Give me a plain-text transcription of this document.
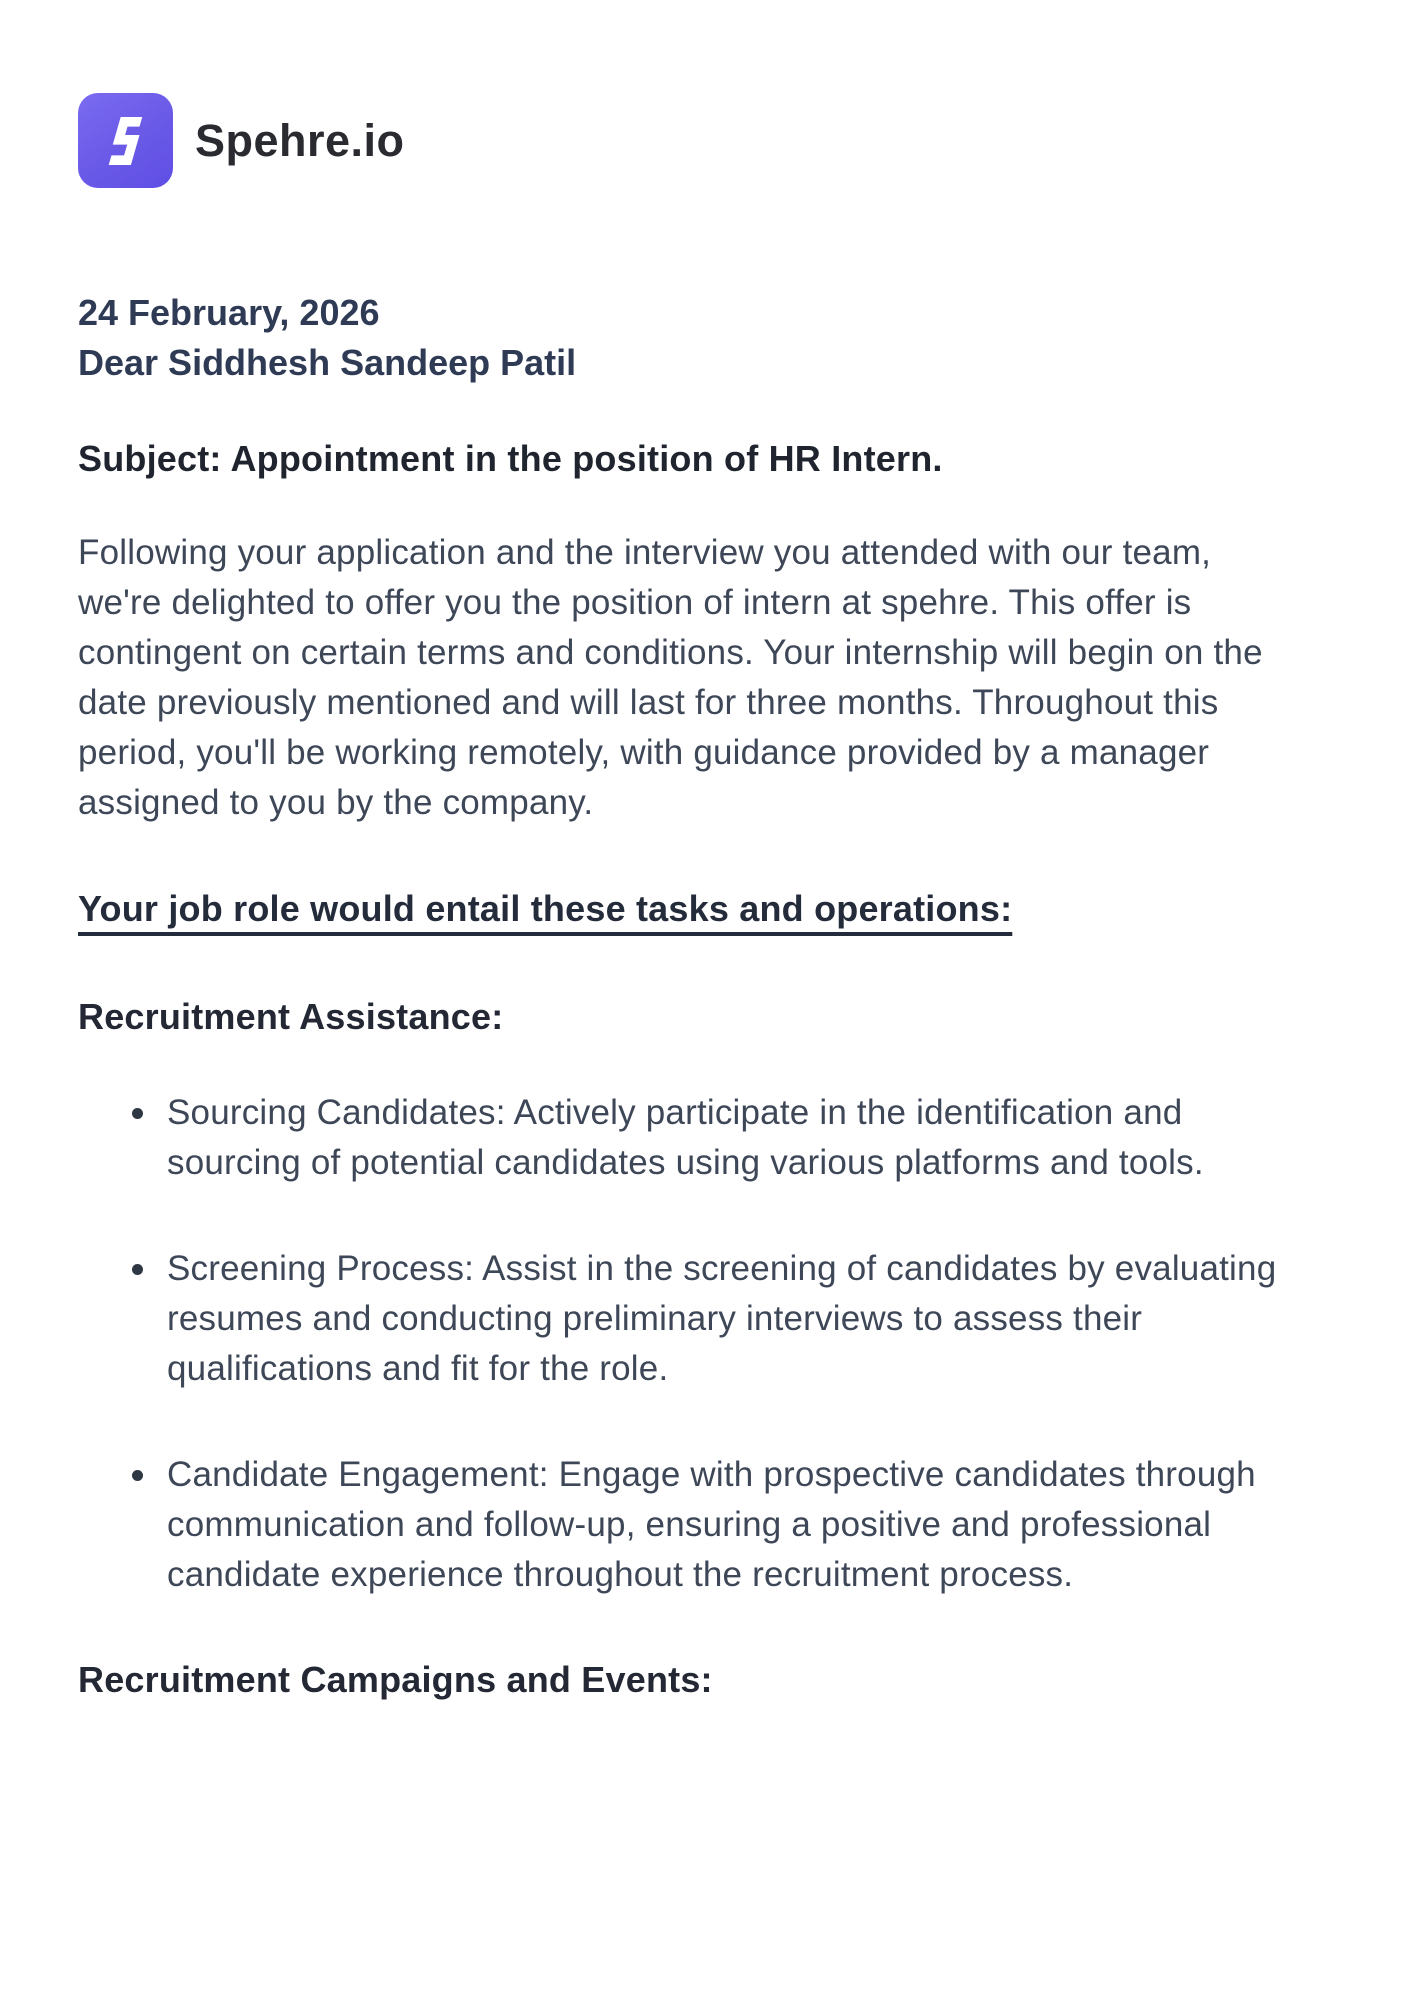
Spehre.io
24 February, 2026
Dear Siddhesh Sandeep Patil
Subject: Appointment in the position of HR Intern.

Following your application and the interview you attended with our team, we're delighted to offer you the position of intern at spehre. This offer is contingent on certain terms and conditions. Your internship will begin on the date previously mentioned and will last for three months. Throughout this period, you'll be working remotely, with guidance provided by a manager assigned to you by the company.

Your job role would entail these tasks and operations:
Recruitment Assistance:
Sourcing Candidates: Actively participate in the identification and sourcing of potential candidates using various platforms and tools.
Screening Process: Assist in the screening of candidates by evaluating resumes and conducting preliminary interviews to assess their qualifications and fit for the role.
Candidate Engagement: Engage with prospective candidates through communication and follow-up, ensuring a positive and professional candidate experience throughout the recruitment process.
Recruitment Campaigns and Events:
